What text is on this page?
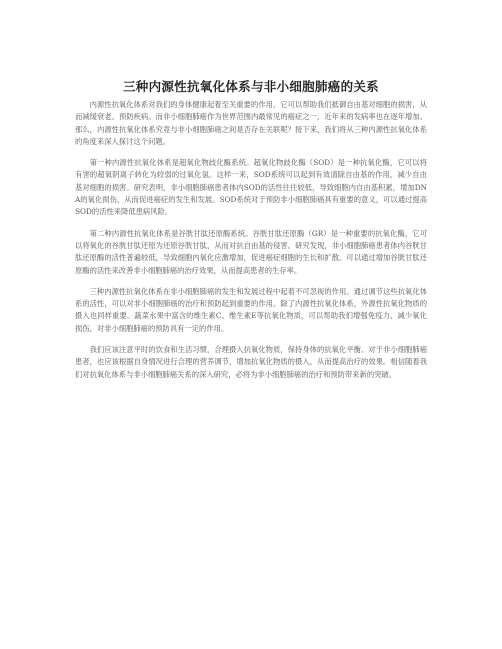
三种内源性抗氧化体系与非小细胞肺癌的关系

内源性抗氧化体系对我们的身体健康起着至关重要的作用，它可以帮助我们抵御自由基对细胞的损害，从而减缓衰老、预防疾病。而非小细胞肺癌作为世界范围内最常见的癌症之一，近年来的发病率也在逐年增加。那么，内源性抗氧化体系究竟与非小细胞肺癌之间是否存在关联呢？接下来，我们将从三种内源性抗氧化体系的角度来深入探讨这个问题。

第一种内源性抗氧化体系是超氧化物歧化酶系统。超氧化物歧化酶（SOD）是一种抗氧化酶，它可以将有害的超氧阴离子转化为较弱的过氧化氢。这样一来，SOD系统可以起到有效清除自由基的作用，减少自由基对细胞的损害。研究表明，非小细胞肺癌患者体内SOD的活性往往较低，导致细胞内自由基积累，增加DNA的氧化损伤，从而促进癌症的发生和发展。SOD系统对于预防非小细胞肺癌具有重要的意义，可以通过提高SOD的活性来降低患病风险。

第二种内源性抗氧化体系是谷胱甘肽还原酶系统。谷胱甘肽还原酶（GR）是一种重要的抗氧化酶，它可以将氧化的谷胱甘肽还原为还原谷胱甘肽，从而对抗自由基的侵害。研究发现，非小细胞肺癌患者体内谷胱甘肽还原酶的活性普遍较低，导致细胞内氧化应激增加，促进癌症细胞的生长和扩散。可以通过增加谷胱甘肽还原酶的活性来改善非小细胞肺癌的治疗效果，从而提高患者的生存率。

三种内源性抗氧化体系在非小细胞肺癌的发生和发展过程中起着不可忽视的作用。通过调节这些抗氧化体系的活性，可以对非小细胞肺癌的治疗和预防起到重要的作用。除了内源性抗氧化体系，外源性抗氧化物质的摄入也同样重要。蔬菜水果中富含的维生素C、维生素E等抗氧化物质，可以帮助我们增强免疫力、减少氧化损伤，对非小细胞肺癌的预防具有一定的作用。

我们应该注意平时的饮食和生活习惯，合理摄入抗氧化物质，保持身体的抗氧化平衡。对于非小细胞肺癌患者，也应该根据自身情况进行合理的营养调节，增加抗氧化物质的摄入，从而提高治疗的效果。相信随着我们对抗氧化体系与非小细胞肺癌关系的深入研究，必将为非小细胞肺癌的治疗和预防带来新的突破。
